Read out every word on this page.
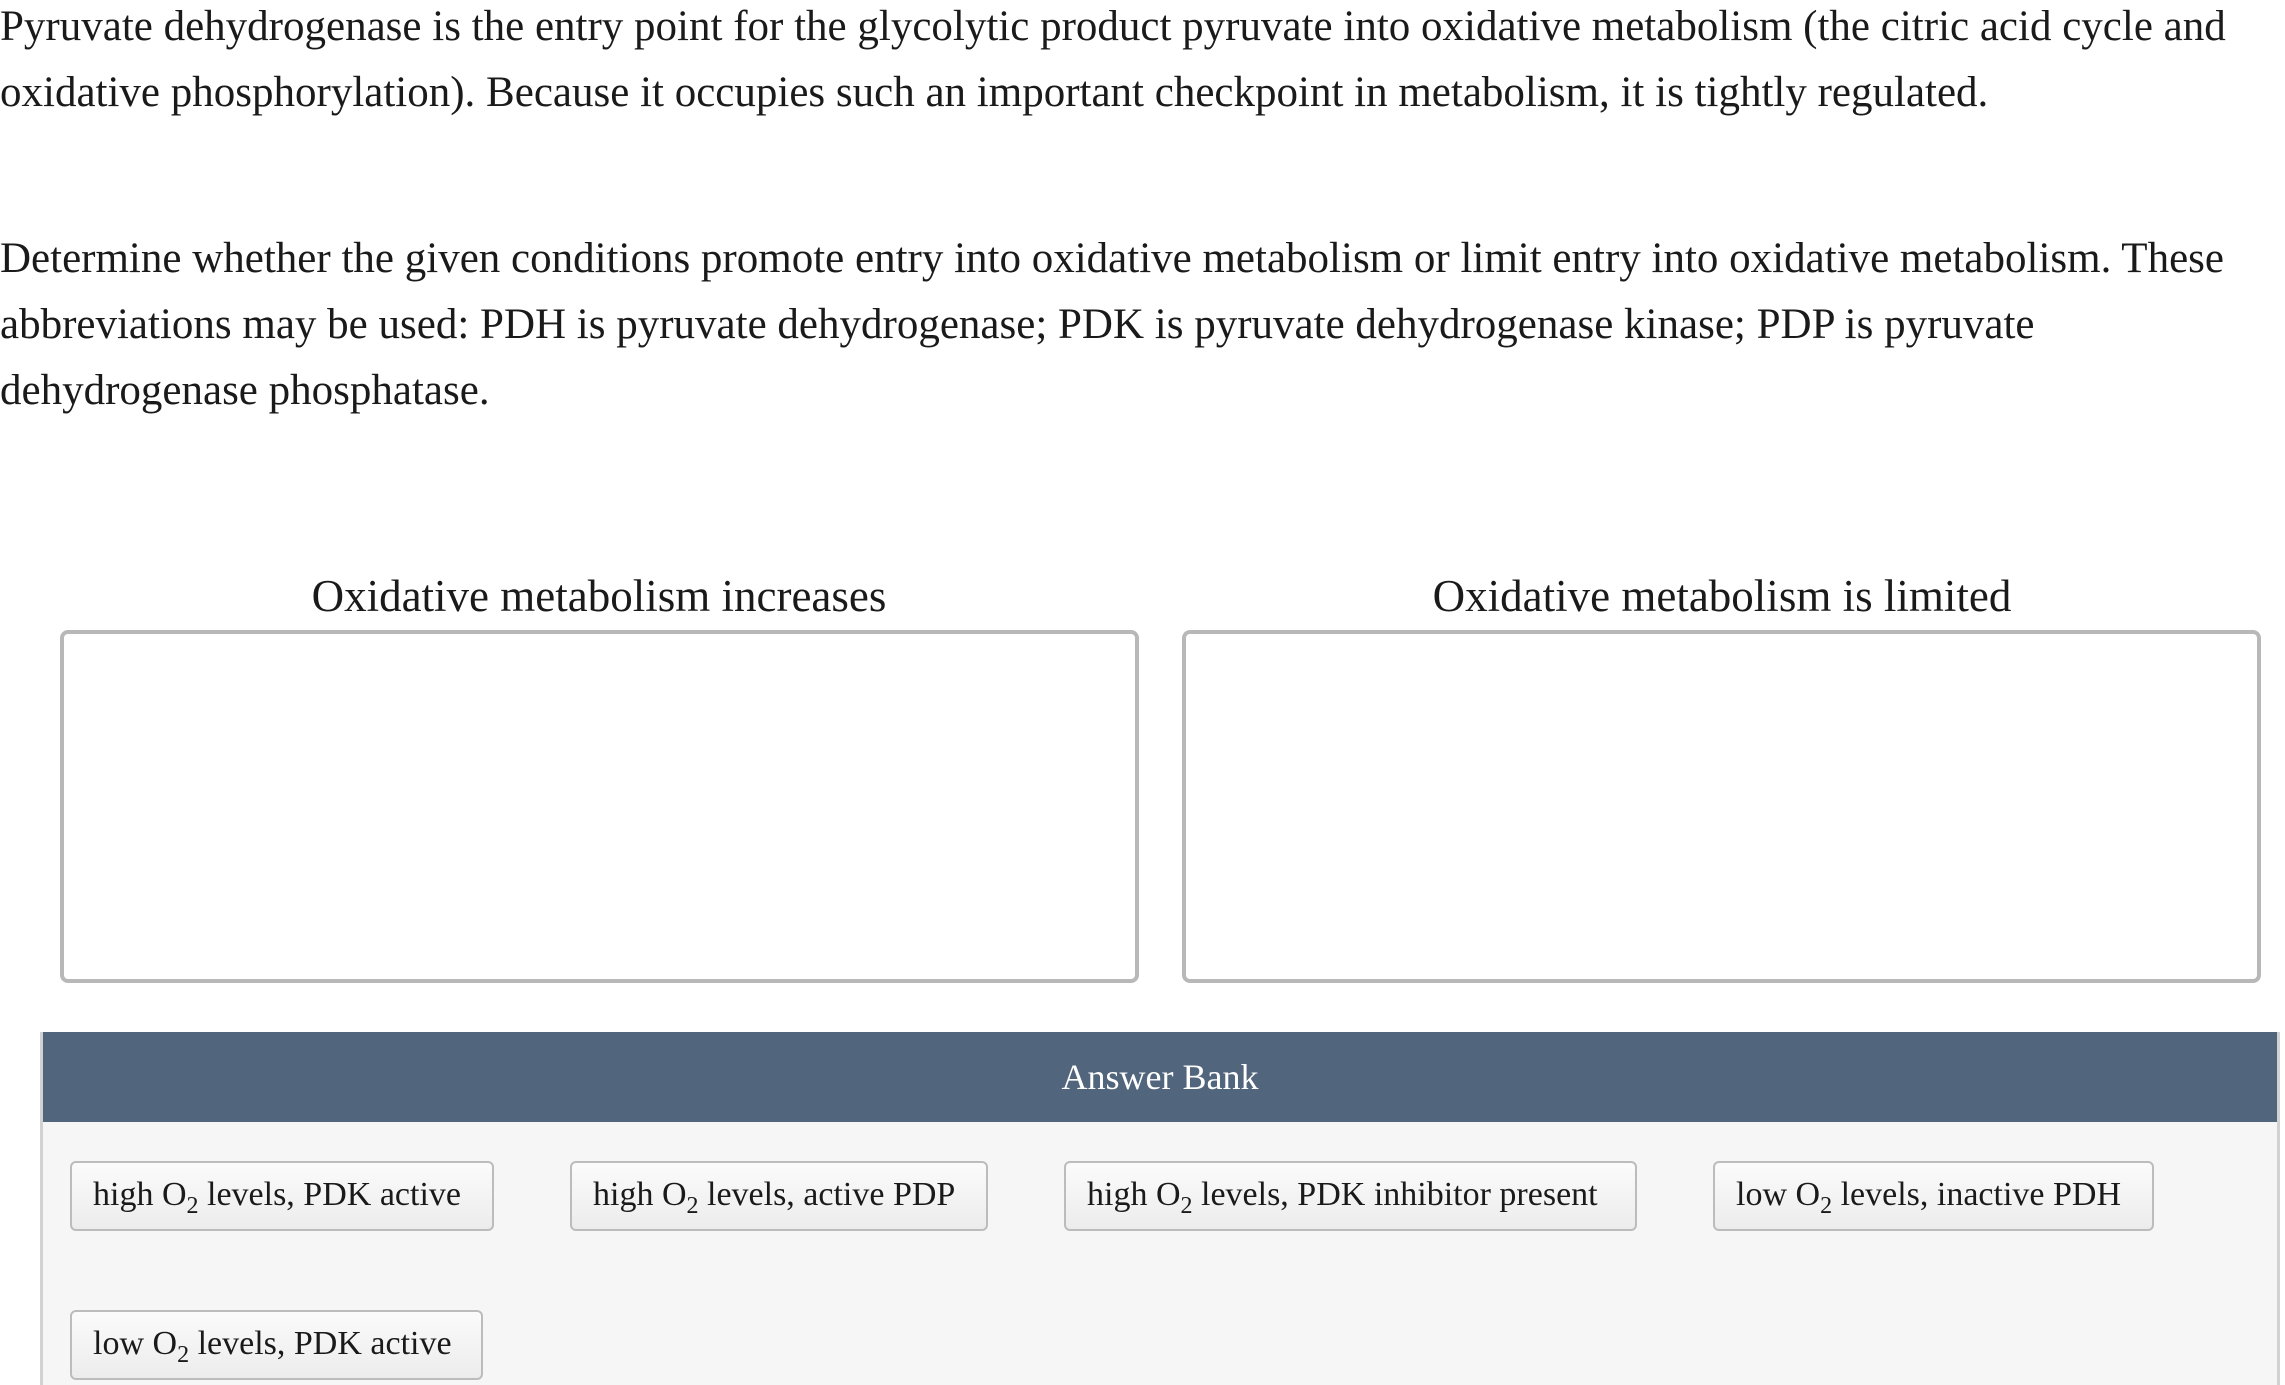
Pyruvate dehydrogenase is the entry point for the glycolytic product pyruvate into oxidative metabolism (the citric acid cycle and oxidative phosphorylation). Because it occupies such an important checkpoint in metabolism, it is tightly regulated.

Determine whether the given conditions promote entry into oxidative metabolism or limit entry into oxidative metabolism. These abbreviations may be used: PDH is pyruvate dehydrogenase; PDK is pyruvate dehydrogenase kinase; PDP is pyruvate dehydrogenase phosphatase.

Oxidative metabolism increases	Oxidative metabolism is limited
Answer Bank
high $O_2$ levels, PDK active	high $O_2$ levels, active PDP	high $O_2$ levels, PDK inhibitor present	low $O_2$ levels, inactive PDH
low $O_2$ levels, PDK active
